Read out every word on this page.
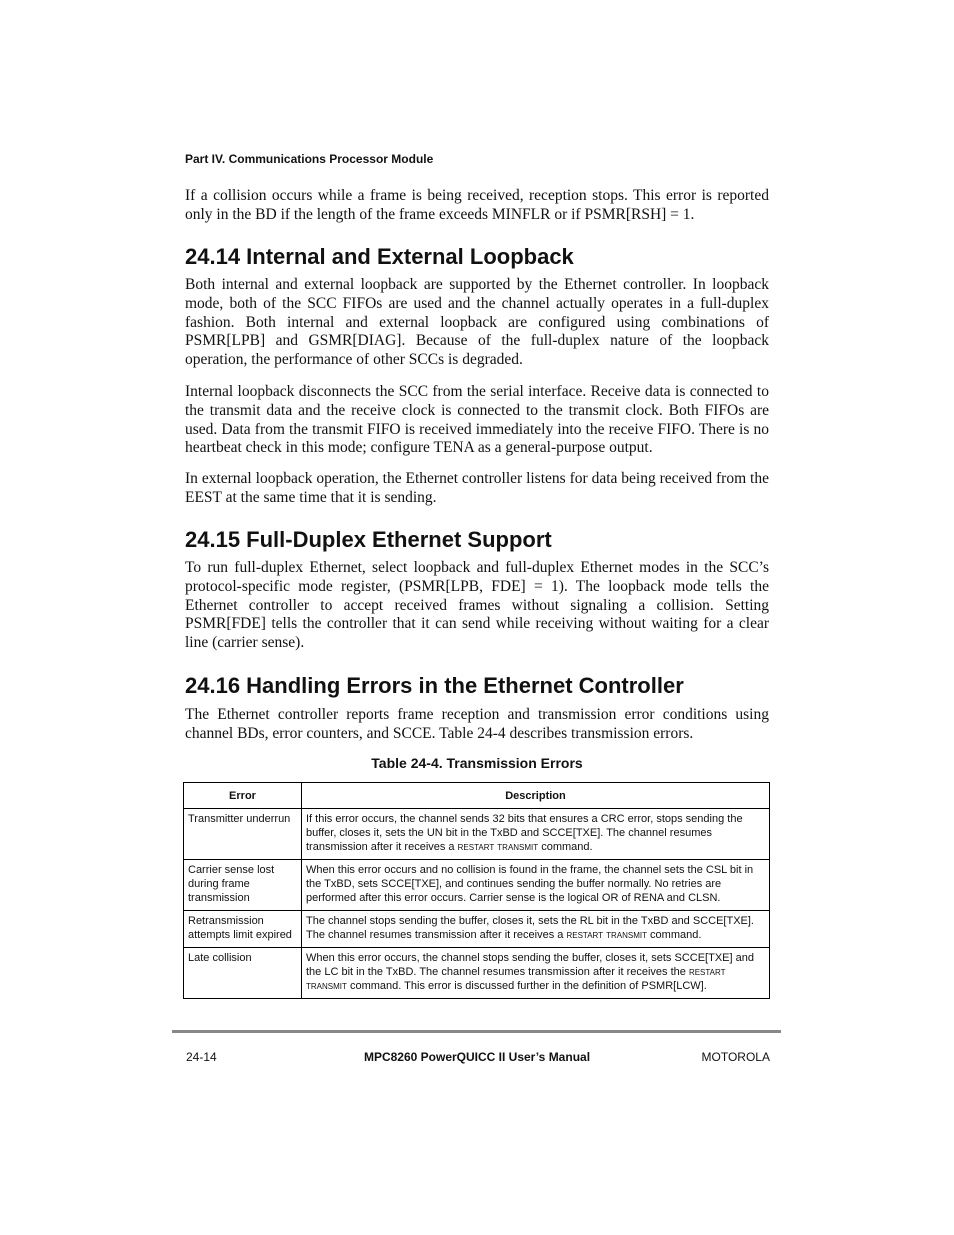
Part IV. Communications Processor Module

If a collision occurs while a frame is being received, reception stops. This error is reported only in the BD if the length of the frame exceeds MINFLR or if PSMR[RSH] = 1.

24.14 Internal and External Loopback

Both internal and external loopback are supported by the Ethernet controller. In loopback mode, both of the SCC FIFOs are used and the channel actually operates in a full-duplex fashion. Both internal and external loopback are configured using combinations of PSMR[LPB] and GSMR[DIAG]. Because of the full-duplex nature of the loopback operation, the performance of other SCCs is degraded.

Internal loopback disconnects the SCC from the serial interface. Receive data is connected to the transmit data and the receive clock is connected to the transmit clock. Both FIFOs are used. Data from the transmit FIFO is received immediately into the receive FIFO. There is no heartbeat check in this mode; configure TENA as a general-purpose output.

In external loopback operation, the Ethernet controller listens for data being received from the EEST at the same time that it is sending.

24.15 Full-Duplex Ethernet Support

To run full-duplex Ethernet, select loopback and full-duplex Ethernet modes in the SCC’s protocol-specific mode register, (PSMR[LPB, FDE] = 1). The loopback mode tells the Ethernet controller to accept received frames without signaling a collision. Setting PSMR[FDE] tells the controller that it can send while receiving without waiting for a clear line (carrier sense).

24.16 Handling Errors in the Ethernet Controller

The Ethernet controller reports frame reception and transmission error conditions using channel BDs, error counters, and SCCE. Table 24-4 describes transmission errors.

Table 24-4. Transmission Errors
Error	Description
Transmitter underrun	If this error occurs, the channel sends 32 bits that ensures a CRC error, stops sending the buffer, closes it, sets the UN bit in the TxBD and SCCE[TXE]. The channel resumes transmission after it receives a restart transmit command.
Carrier sense lost during frame transmission	When this error occurs and no collision is found in the frame, the channel sets the CSL bit in the TxBD, sets SCCE[TXE], and continues sending the buffer normally. No retries are performed after this error occurs. Carrier sense is the logical OR of RENA and CLSN.
Retransmission attempts limit expired	The channel stops sending the buffer, closes it, sets the RL bit in the TxBD and SCCE[TXE]. The channel resumes transmission after it receives a restart transmit command.
Late collision	When this error occurs, the channel stops sending the buffer, closes it, sets SCCE[TXE] and the LC bit in the TxBD. The channel resumes transmission after it receives the restart transmit command. This error is discussed further in the definition of PSMR[LCW].
24-14	MPC8260 PowerQUICC II User’s Manual	MOTOROLA
